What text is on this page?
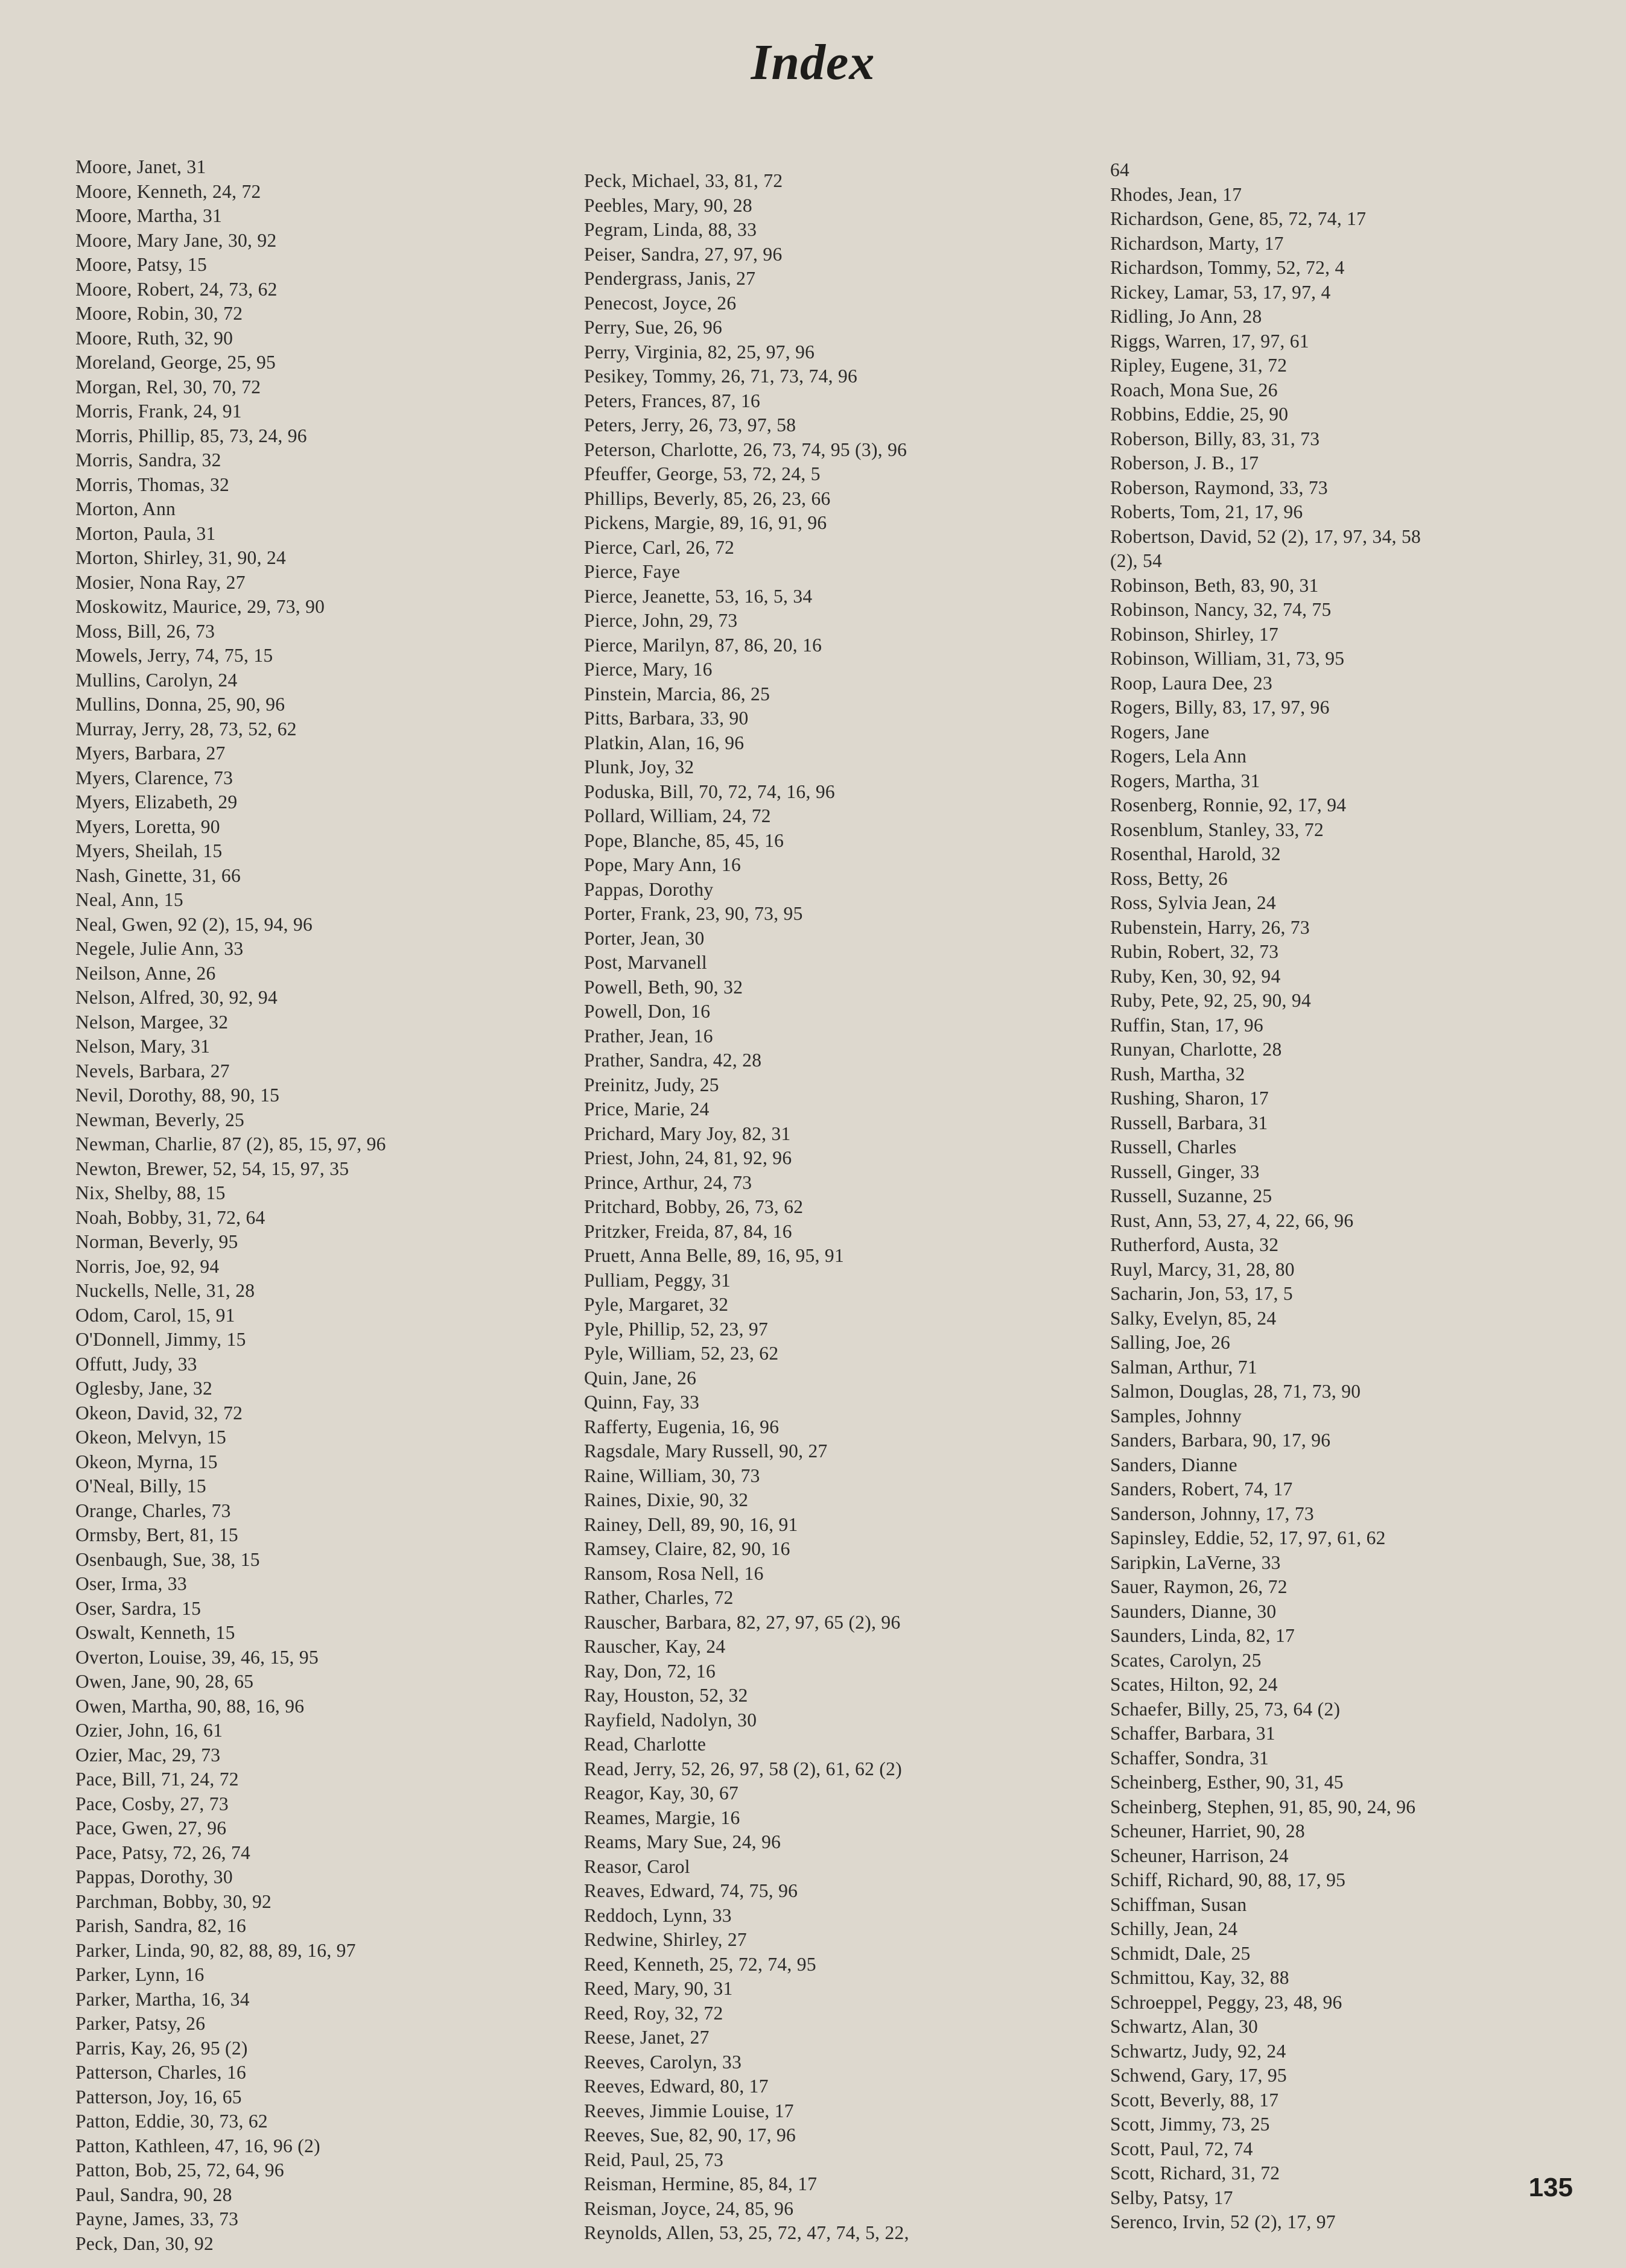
Index
Moore, Janet, 31
Moore, Kenneth, 24, 72
Moore, Martha, 31
Moore, Mary Jane, 30, 92
Moore, Patsy, 15
Moore, Robert, 24, 73, 62
Moore, Robin, 30, 72
Moore, Ruth, 32, 90
Moreland, George, 25, 95
Morgan, Rel, 30, 70, 72
Morris, Frank, 24, 91
Morris, Phillip, 85, 73, 24, 96
Morris, Sandra, 32
Morris, Thomas, 32
Morton, Ann
Morton, Paula, 31
Morton, Shirley, 31, 90, 24
Mosier, Nona Ray, 27
Moskowitz, Maurice, 29, 73, 90
Moss, Bill, 26, 73
Mowels, Jerry, 74, 75, 15
Mullins, Carolyn, 24
Mullins, Donna, 25, 90, 96
Murray, Jerry, 28, 73, 52, 62
Myers, Barbara, 27
Myers, Clarence, 73
Myers, Elizabeth, 29
Myers, Loretta, 90
Myers, Sheilah, 15
Nash, Ginette, 31, 66
Neal, Ann, 15
Neal, Gwen, 92 (2), 15, 94, 96
Negele, Julie Ann, 33
Neilson, Anne, 26
Nelson, Alfred, 30, 92, 94
Nelson, Margee, 32
Nelson, Mary, 31
Nevels, Barbara, 27
Nevil, Dorothy, 88, 90, 15
Newman, Beverly, 25
Newman, Charlie, 87 (2), 85, 15, 97, 96
Newton, Brewer, 52, 54, 15, 97, 35
Nix, Shelby, 88, 15
Noah, Bobby, 31, 72, 64
Norman, Beverly, 95
Norris, Joe, 92, 94
Nuckells, Nelle, 31, 28
Odom, Carol, 15, 91
O'Donnell, Jimmy, 15
Offutt, Judy, 33
Oglesby, Jane, 32
Okeon, David, 32, 72
Okeon, Melvyn, 15
Okeon, Myrna, 15
O'Neal, Billy, 15
Orange, Charles, 73
Ormsby, Bert, 81, 15
Osenbaugh, Sue, 38, 15
Oser, Irma, 33
Oser, Sardra, 15
Oswalt, Kenneth, 15
Overton, Louise, 39, 46, 15, 95
Owen, Jane, 90, 28, 65
Owen, Martha, 90, 88, 16, 96
Ozier, John, 16, 61
Ozier, Mac, 29, 73
Pace, Bill, 71, 24, 72
Pace, Cosby, 27, 73
Pace, Gwen, 27, 96
Pace, Patsy, 72, 26, 74
Pappas, Dorothy, 30
Parchman, Bobby, 30, 92
Parish, Sandra, 82, 16
Parker, Linda, 90, 82, 88, 89, 16, 97
Parker, Lynn, 16
Parker, Martha, 16, 34
Parker, Patsy, 26
Parris, Kay, 26, 95 (2)
Patterson, Charles, 16
Patterson, Joy, 16, 65
Patton, Eddie, 30, 73, 62
Patton, Kathleen, 47, 16, 96 (2)
Patton, Bob, 25, 72, 64, 96
Paul, Sandra, 90, 28
Payne, James, 33, 73
Peck, Dan, 30, 92
Peck, Michael, 33, 81, 72
Peebles, Mary, 90, 28
Pegram, Linda, 88, 33
Peiser, Sandra, 27, 97, 96
Pendergrass, Janis, 27
Penecost, Joyce, 26
Perry, Sue, 26, 96
Perry, Virginia, 82, 25, 97, 96
Pesikey, Tommy, 26, 71, 73, 74, 96
Peters, Frances, 87, 16
Peters, Jerry, 26, 73, 97, 58
Peterson, Charlotte, 26, 73, 74, 95 (3), 96
Pfeuffer, George, 53, 72, 24, 5
Phillips, Beverly, 85, 26, 23, 66
Pickens, Margie, 89, 16, 91, 96
Pierce, Carl, 26, 72
Pierce, Faye
Pierce, Jeanette, 53, 16, 5, 34
Pierce, John, 29, 73
Pierce, Marilyn, 87, 86, 20, 16
Pierce, Mary, 16
Pinstein, Marcia, 86, 25
Pitts, Barbara, 33, 90
Platkin, Alan, 16, 96
Plunk, Joy, 32
Poduska, Bill, 70, 72, 74, 16, 96
Pollard, William, 24, 72
Pope, Blanche, 85, 45, 16
Pope, Mary Ann, 16
Pappas, Dorothy
Porter, Frank, 23, 90, 73, 95
Porter, Jean, 30
Post, Marvanell
Powell, Beth, 90, 32
Powell, Don, 16
Prather, Jean, 16
Prather, Sandra, 42, 28
Preinitz, Judy, 25
Price, Marie, 24
Prichard, Mary Joy, 82, 31
Priest, John, 24, 81, 92, 96
Prince, Arthur, 24, 73
Pritchard, Bobby, 26, 73, 62
Pritzker, Freida, 87, 84, 16
Pruett, Anna Belle, 89, 16, 95, 91
Pulliam, Peggy, 31
Pyle, Margaret, 32
Pyle, Phillip, 52, 23, 97
Pyle, William, 52, 23, 62
Quin, Jane, 26
Quinn, Fay, 33
Rafferty, Eugenia, 16, 96
Ragsdale, Mary Russell, 90, 27
Raine, William, 30, 73
Raines, Dixie, 90, 32
Rainey, Dell, 89, 90, 16, 91
Ramsey, Claire, 82, 90, 16
Ransom, Rosa Nell, 16
Rather, Charles, 72
Rauscher, Barbara, 82, 27, 97, 65 (2), 96
Rauscher, Kay, 24
Ray, Don, 72, 16
Ray, Houston, 52, 32
Rayfield, Nadolyn, 30
Read, Charlotte
Read, Jerry, 52, 26, 97, 58 (2), 61, 62 (2)
Reagor, Kay, 30, 67
Reames, Margie, 16
Reams, Mary Sue, 24, 96
Reasor, Carol
Reaves, Edward, 74, 75, 96
Reddoch, Lynn, 33
Redwine, Shirley, 27
Reed, Kenneth, 25, 72, 74, 95
Reed, Mary, 90, 31
Reed, Roy, 32, 72
Reese, Janet, 27
Reeves, Carolyn, 33
Reeves, Edward, 80, 17
Reeves, Jimmie Louise, 17
Reeves, Sue, 82, 90, 17, 96
Reid, Paul, 25, 73
Reisman, Hermine, 85, 84, 17
Reisman, Joyce, 24, 85, 96
Reynolds, Allen, 53, 25, 72, 47, 74, 5, 22,
64
Rhodes, Jean, 17
Richardson, Gene, 85, 72, 74, 17
Richardson, Marty, 17
Richardson, Tommy, 52, 72, 4
Rickey, Lamar, 53, 17, 97, 4
Ridling, Jo Ann, 28
Riggs, Warren, 17, 97, 61
Ripley, Eugene, 31, 72
Roach, Mona Sue, 26
Robbins, Eddie, 25, 90
Roberson, Billy, 83, 31, 73
Roberson, J. B., 17
Roberson, Raymond, 33, 73
Roberts, Tom, 21, 17, 96
Robertson, David, 52 (2), 17, 97, 34, 58
(2), 54
Robinson, Beth, 83, 90, 31
Robinson, Nancy, 32, 74, 75
Robinson, Shirley, 17
Robinson, William, 31, 73, 95
Roop, Laura Dee, 23
Rogers, Billy, 83, 17, 97, 96
Rogers, Jane
Rogers, Lela Ann
Rogers, Martha, 31
Rosenberg, Ronnie, 92, 17, 94
Rosenblum, Stanley, 33, 72
Rosenthal, Harold, 32
Ross, Betty, 26
Ross, Sylvia Jean, 24
Rubenstein, Harry, 26, 73
Rubin, Robert, 32, 73
Ruby, Ken, 30, 92, 94
Ruby, Pete, 92, 25, 90, 94
Ruffin, Stan, 17, 96
Runyan, Charlotte, 28
Rush, Martha, 32
Rushing, Sharon, 17
Russell, Barbara, 31
Russell, Charles
Russell, Ginger, 33
Russell, Suzanne, 25
Rust, Ann, 53, 27, 4, 22, 66, 96
Rutherford, Austa, 32
Ruyl, Marcy, 31, 28, 80
Sacharin, Jon, 53, 17, 5
Salky, Evelyn, 85, 24
Salling, Joe, 26
Salman, Arthur, 71
Salmon, Douglas, 28, 71, 73, 90
Samples, Johnny
Sanders, Barbara, 90, 17, 96
Sanders, Dianne
Sanders, Robert, 74, 17
Sanderson, Johnny, 17, 73
Sapinsley, Eddie, 52, 17, 97, 61, 62
Saripkin, LaVerne, 33
Sauer, Raymon, 26, 72
Saunders, Dianne, 30
Saunders, Linda, 82, 17
Scates, Carolyn, 25
Scates, Hilton, 92, 24
Schaefer, Billy, 25, 73, 64 (2)
Schaffer, Barbara, 31
Schaffer, Sondra, 31
Scheinberg, Esther, 90, 31, 45
Scheinberg, Stephen, 91, 85, 90, 24, 96
Scheuner, Harriet, 90, 28
Scheuner, Harrison, 24
Schiff, Richard, 90, 88, 17, 95
Schiffman, Susan
Schilly, Jean, 24
Schmidt, Dale, 25
Schmittou, Kay, 32, 88
Schroeppel, Peggy, 23, 48, 96
Schwartz, Alan, 30
Schwartz, Judy, 92, 24
Schwend, Gary, 17, 95
Scott, Beverly, 88, 17
Scott, Jimmy, 73, 25
Scott, Paul, 72, 74
Scott, Richard, 31, 72
Selby, Patsy, 17
Serenco, Irvin, 52 (2), 17, 97
135
